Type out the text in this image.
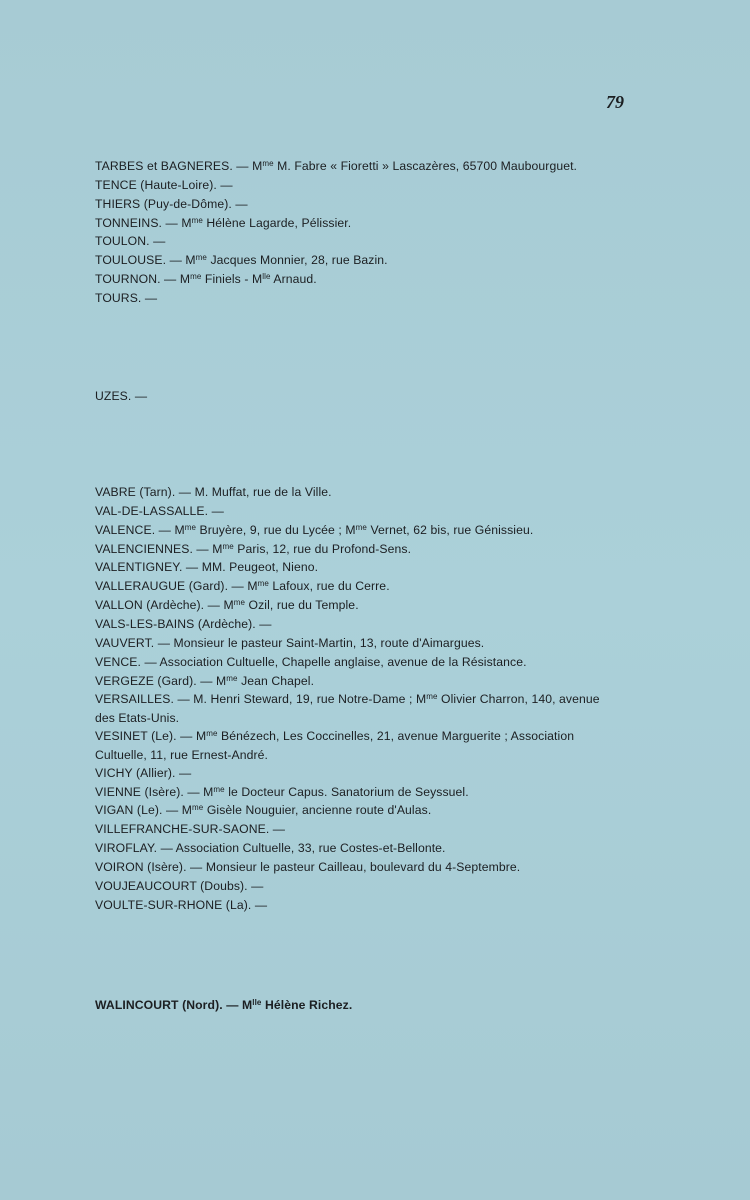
79
TARBES et BAGNERES. — $M^{me}$ M. Fabre « Fioretti » Lascazères, 65700 Maubourguet.
TENCE (Haute-Loire). —
THIERS (Puy-de-Dôme). —
TONNEINS. — $M^{me}$ Hélène Lagarde, Pélissier.
TOULON. —
TOULOUSE. — $M^{me}$ Jacques Monnier, 28, rue Bazin.
TOURNON. — $M^{me}$ Finiels - $M^{lle}$ Arnaud.
TOURS. —
UZES. —
VABRE (Tarn). — M. Muffat, rue de la Ville.
VAL-DE-LASSALLE. —
VALENCE. — $M^{me}$ Bruyère, 9, rue du Lycée ; $M^{me}$ Vernet, 62 bis, rue Génissieu.
VALENCIENNES. — $M^{me}$ Paris, 12, rue du Profond-Sens.
VALENTIGNEY. — MM. Peugeot, Nieno.
VALLERAUGUE (Gard). — $M^{me}$ Lafoux, rue du Cerre.
VALLON (Ardèche). — $M^{me}$ Ozil, rue du Temple.
VALS-LES-BAINS (Ardèche). —
VAUVERT. — Monsieur le pasteur Saint-Martin, 13, route d'Aimargues.
VENCE. — Association Cultuelle, Chapelle anglaise, avenue de la Résistance.
VERGEZE (Gard). — $M^{me}$ Jean Chapel.
VERSAILLES. — M. Henri Steward, 19, rue Notre-Dame ; $M^{me}$ Olivier Charron, 140, avenue
des Etats-Unis.
VESINET (Le). — $M^{me}$ Bénézech, Les Coccinelles, 21, avenue Marguerite ; Association
Cultuelle, 11, rue Ernest-André.
VICHY (Allier). —
VIENNE (Isère). — $M^{me}$ le Docteur Capus. Sanatorium de Seyssuel.
VIGAN (Le). — $M^{me}$ Gisèle Nouguier, ancienne route d'Aulas.
VILLEFRANCHE-SUR-SAONE. —
VIROFLAY. — Association Cultuelle, 33, rue Costes-et-Bellonte.
VOIRON (Isère). — Monsieur le pasteur Cailleau, boulevard du 4-Septembre.
VOUJEAUCOURT (Doubs). —
VOULTE-SUR-RHONE (La). —
WALINCOURT (Nord). — $M^{lle}$ Hélène Richez.
